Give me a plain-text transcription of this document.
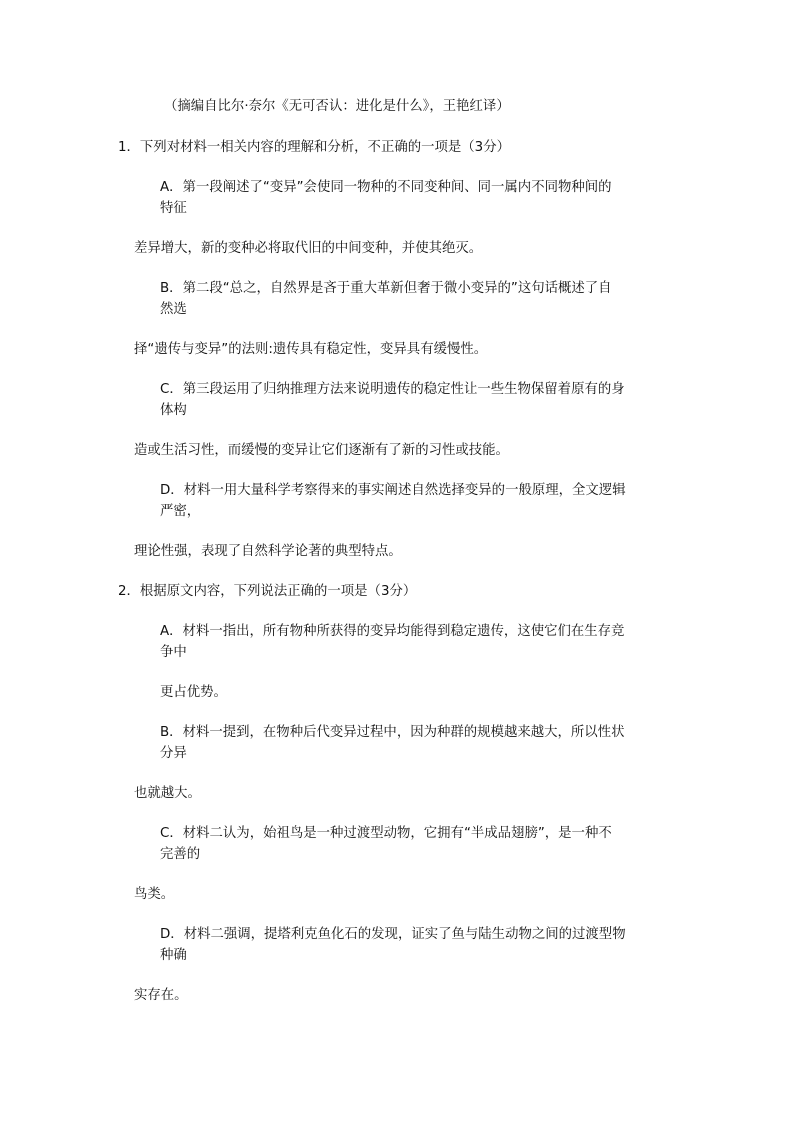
（摘编自比尔·奈尔《无可否认：进化是什么》，王艳红译）

1．下列对材料一相关内容的理解和分析，不正确的一项是（3分）

A．第一段阐述了“变异”会使同一物种的不同变种间、同一属内不同物种间的

特征

差异增大，新的变种必将取代旧的中间变种，并使其绝灭。

B．第二段“总之，自然界是吝于重大革新但奢于微小变异的”这句话概述了自

然选

择“遗传与变异”的法则:遗传具有稳定性，变异具有缓慢性。

C．第三段运用了归纳推理方法来说明遗传的稳定性让一些生物保留着原有的身

体构

造或生活习性，而缓慢的变异让它们逐渐有了新的习性或技能。

D．材料一用大量科学考察得来的事实阐述自然选择变异的一般原理，全文逻辑

严密，

理论性强，表现了自然科学论著的典型特点。

2．根据原文内容，下列说法正确的一项是（3分）

A．材料一指出，所有物种所获得的变异均能得到稳定遗传，这使它们在生存竞

争中

更占优势。

B．材料一提到，在物种后代变异过程中，因为种群的规模越来越大，所以性状

分异

也就越大。

C．材料二认为，始祖鸟是一种过渡型动物，它拥有“半成品翅膀”，是一种不

完善的

鸟类。

D．材料二强调，提塔利克鱼化石的发现，证实了鱼与陆生动物之间的过渡型物

种确

实存在。
